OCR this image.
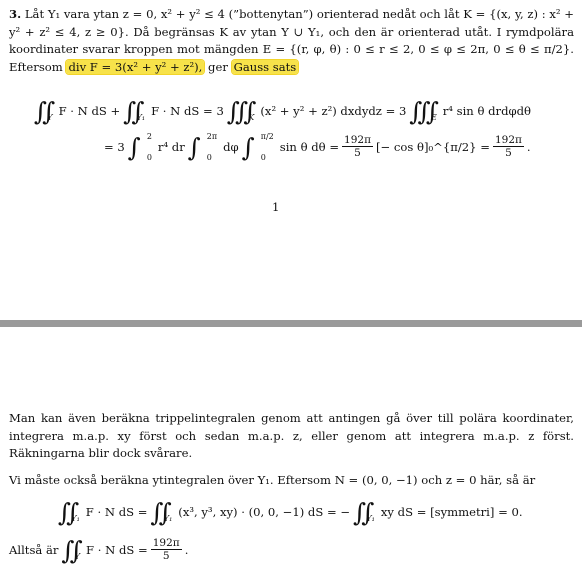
3. Låt Y₁ vara ytan z = 0, x² + y² ≤ 4 (”bottenytan”) orienterad nedåt och låt K = {(x, y, z) : x² + y² + z² ≤ 4, z ≥ 0}. Då begränsas K av ytan Y ∪ Y₁, och den är orienterad utåt. I rymdpolära koordinater svarar kroppen mot mängden E = {(r, φ, θ) : 0 ≤ r ≤ 2, 0 ≤ φ ≤ 2π, 0 ≤ θ ≤ π/2}. Eftersom div F = 3(x² + y² + z²), ger Gauss sats
∬ Y F · N dS + ∬ Y₁ F · N dS = 3 ∭ K (x² + y² + z²) dxdydz = 3 ∭ E r⁴ sin θ drdφdθ
= 3 ∫ 2
0
r⁴ dr ∫ 2π
0
dφ ∫ π/2
0
sin θ $d\theta = \frac{192\pi}{5}$ [− cos θ]₀^{π/2} = $\frac{192\pi}{5}$ .
1
Man kan även beräkna trippelintegralen genom att antingen gå över till polära koordinater, integrera m.a.p. xy först och sedan m.a.p. z, eller genom att integrera m.a.p. z först. Räkningarna blir dock svårare.
Vi måste också beräkna ytintegralen över Y₁. Eftersom N = (0, 0, −1) och z = 0 här, så är
∬ Y₁ F · N dS = ∬ Y₁ (x³, y³, xy) · (0, 0, −1) dS = − ∬ Y₁ xy dS = [symmetri] = 0.
Alltså är ∬ Y F · N dS = $\frac{192\pi}{5}$ .
